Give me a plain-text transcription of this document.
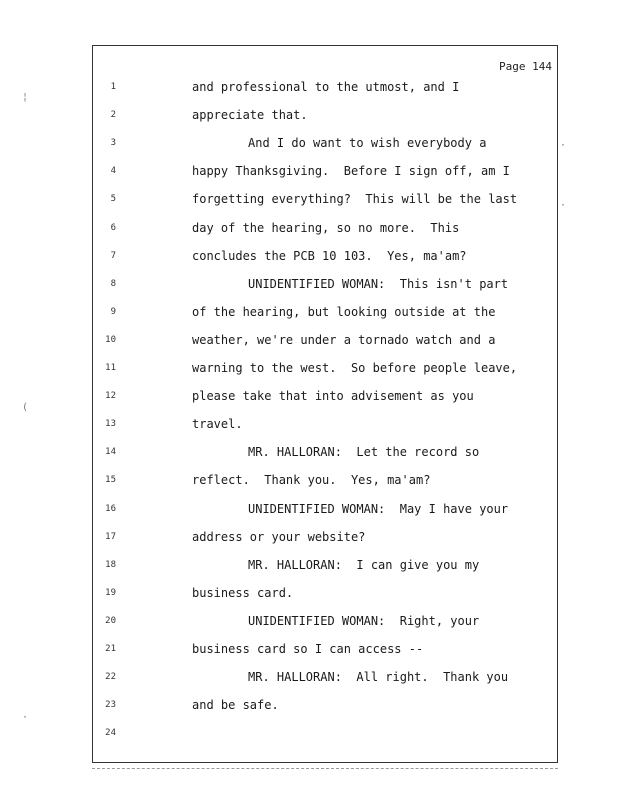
Page 144
1	and professional to the utmost, and I
2	appreciate that.
3	And I do want to wish everybody a
4	happy Thanksgiving.  Before I sign off, am I
5	forgetting everything?  This will be the last
6	day of the hearing, so no more.  This
7	concludes the PCB 10 103.  Yes, ma'am?
8	UNIDENTIFIED WOMAN:  This isn't part
9	of the hearing, but looking outside at the
10	weather, we're under a tornado watch and a
11	warning to the west.  So before people leave,
12	please take that into advisement as you
13	travel.
14	MR. HALLORAN:  Let the record so
15	reflect.  Thank you.  Yes, ma'am?
16	UNIDENTIFIED WOMAN:  May I have your
17	address or your website?
18	MR. HALLORAN:  I can give you my
19	business card.
20	UNIDENTIFIED WOMAN:  Right, your
21	business card so I can access --
22	MR. HALLORAN:  All right.  Thank you
23	and be safe.
24
¦
(
·
·
·
